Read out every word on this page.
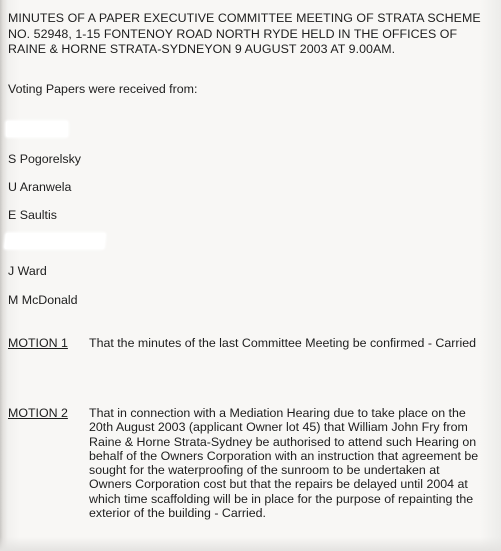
MINUTES OF A PAPER EXECUTIVE COMMITTEE MEETING OF STRATA SCHEME NO. 52948, 1-15 FONTENOY ROAD NORTH RYDE HELD IN THE OFFICES OF RAINE & HORNE STRATA-SYDNEYON 9 AUGUST 2003 AT 9.00AM.
Voting Papers were received from:
S Pogorelsky
U Aranwela
E Saultis
J Ward
M McDonald
MOTION 1 That the minutes of the last Committee Meeting be confirmed - Carried

MOTION 2 That in connection with a Mediation Hearing due to take place on the 20th August 2003 (applicant Owner lot 45) that William John Fry from Raine & Horne Strata-Sydney be authorised to attend such Hearing on behalf of the Owners Corporation with an instruction that agreement be sought for the waterproofing of the sunroom to be undertaken at Owners Corporation cost but that the repairs be delayed until 2004 at which time scaffolding will be in place for the purpose of repainting the exterior of the building - Carried.
